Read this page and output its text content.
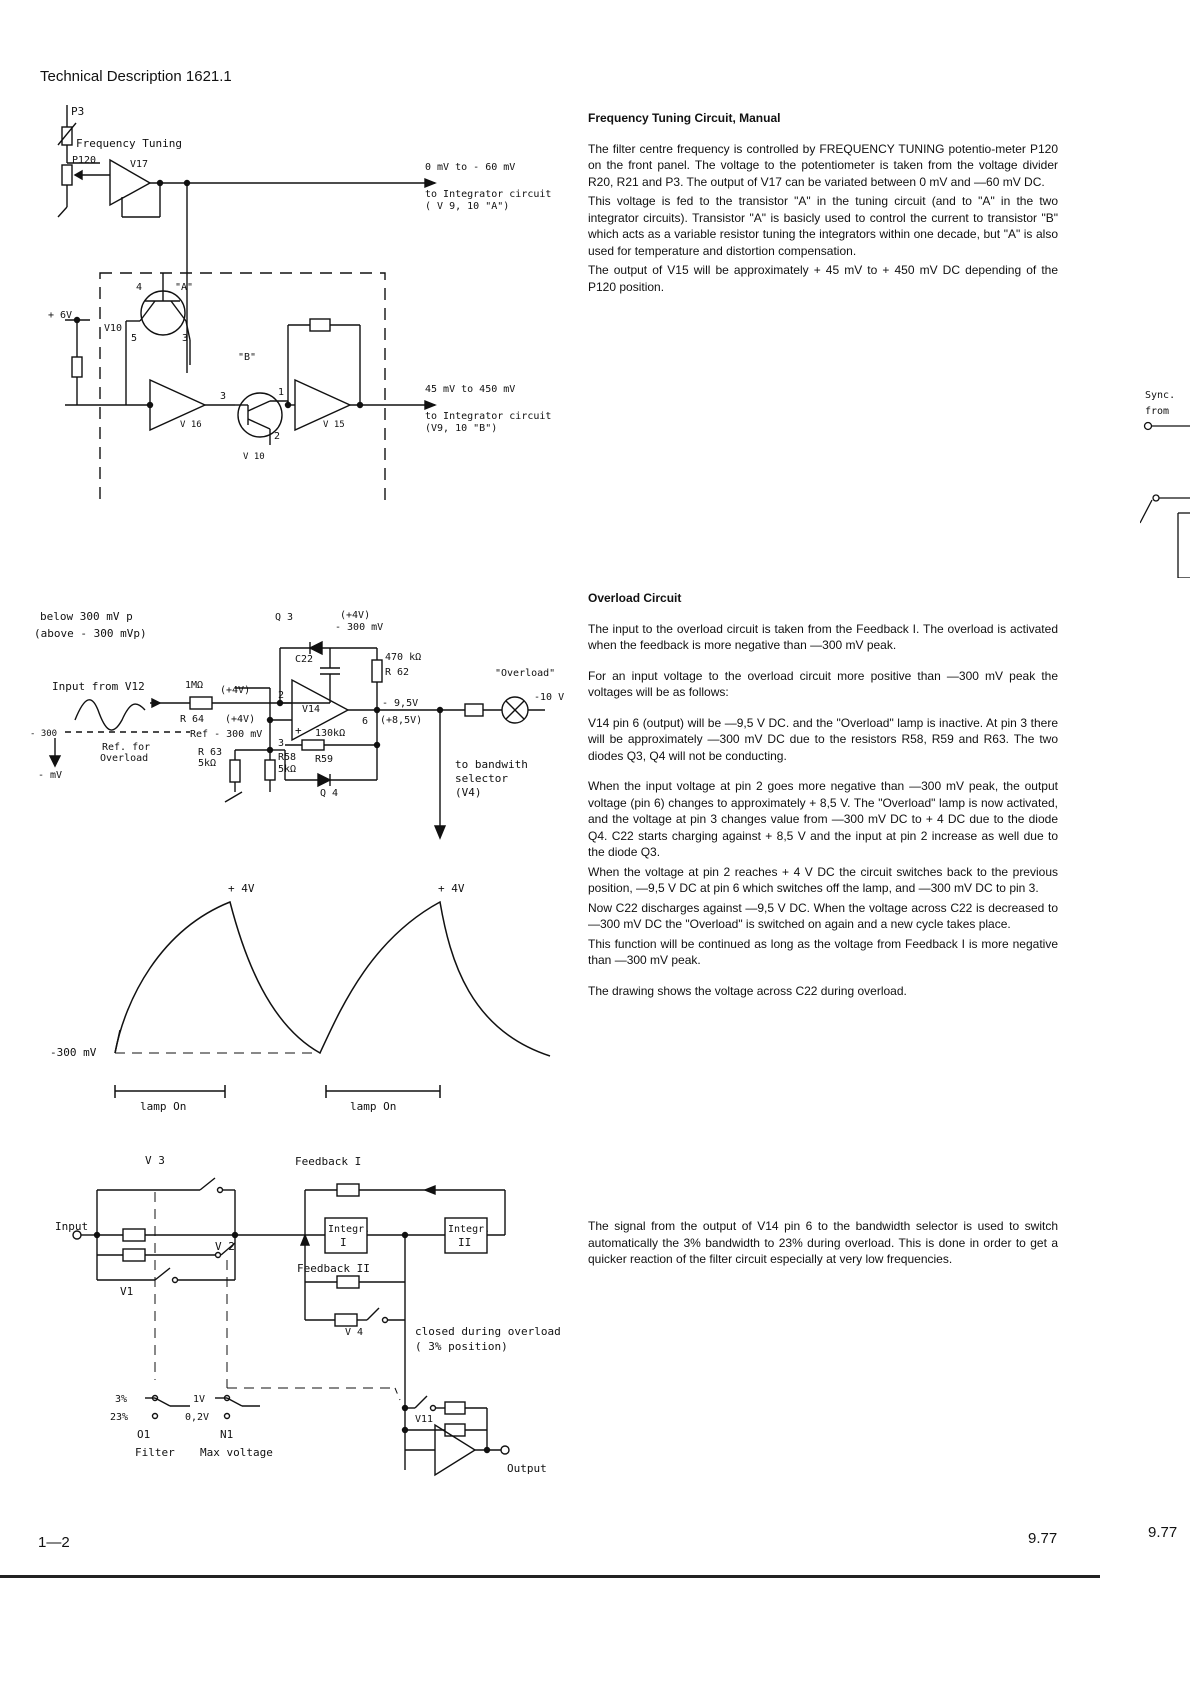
Technical Description 1621.1
P3
Frequency Tuning
P120	V17	0 mV to - 60 mV
to Integrator circuit
( V 9, 10 "A")
+ 6V
V10
4	"A"
5	3
"B"
3	1
2
V 16
V 10
V 15
45 mV to 450 mV
to Integrator circuit
(V9, 10 "B")
Frequency Tuning Circuit, Manual

The filter centre frequency is controlled by FREQUENCY TUNING potentio-meter P120 on the front panel. The voltage to the potentiometer is taken from the voltage divider R20, R21 and P3. The output of V17 can be variated between 0 mV and —60 mV DC.

This voltage is fed to the transistor "A" in the tuning circuit (and to "A" in the two integrator circuits). Transistor "A" is basicly used to control the current to transistor "B" which acts as a variable resistor tuning the integrators within one decade, but "A" is also used for temperature and distortion compensation.

The output of V15 will be approximately + 45 mV to + 450 mV DC depending of the P120 position.

below 300 mV p
(above - 300 mVp)
Q 3	(+4V)
- 300 mV
C22	470 kΩ
R 62
1MΩ (+4V)	2
R 64 (+4V)
Ref - 300 mV
V14
+
3
6
- 9,5V
(+8,5V)
Input from V12
- 300
Ref. for
Overload
- mV
R 63
5kΩ
R58
5kΩ
R59
130kΩ
Q 4
"Overload"
-10 V
to bandwith
selector
(V4)
+ 4V	+ 4V
-300 mV
lamp On	lamp On
Overload Circuit

The input to the overload circuit is taken from the Feedback I. The overload is activated when the feedback is more negative than —300 mV peak.

For an input voltage to the overload circuit more positive than —300 mV peak the voltages will be as follows:

V14 pin 6 (output) will be —9,5 V DC. and the "Overload" lamp is inactive. At pin 3 there will be approximately —300 mV DC due to the resistors R58, R59 and R63. The two diodes Q3, Q4 will not be conducting.

When the input voltage at pin 2 goes more negative than —300 mV peak, the output voltage (pin 6) changes to approximately + 8,5 V. The "Overload" lamp is now activated, and the voltage at pin 3 changes value from —300 mV DC to + 4 DC due to the diode Q4. C22 starts charging against + 8,5 V and the input at pin 2 increase as well due to the diode Q3.

When the voltage at pin 2 reaches + 4 V DC the circuit switches back to the previous position, —9,5 V DC at pin 6 which switches off the lamp, and —300 mV DC to pin 3.

Now C22 discharges against —9,5 V DC. When the voltage across C22 is decreased to —300 mV DC the "Overload" is switched on again and a new cycle takes place.

This function will be continued as long as the voltage from Feedback I is more negative than —300 mV peak.

The drawing shows the voltage across C22 during overload.

Feedback I
V 3
Input	Integr.
I
Integr.
II
V 2
Feedback II
V1
V 4	closed during overload
( 3% position)
3%
23%
1V
0,2V	V11
O1
Filter
N1
Max voltage
Output

The signal from the output of V14 pin 6 to the bandwidth selector is used to switch automatically the 3% bandwidth to 23% during overload. This is done in order to get a quicker reaction of the filter circuit especially at very low frequencies.

Sync.
from
1—2	9.77	9.77
